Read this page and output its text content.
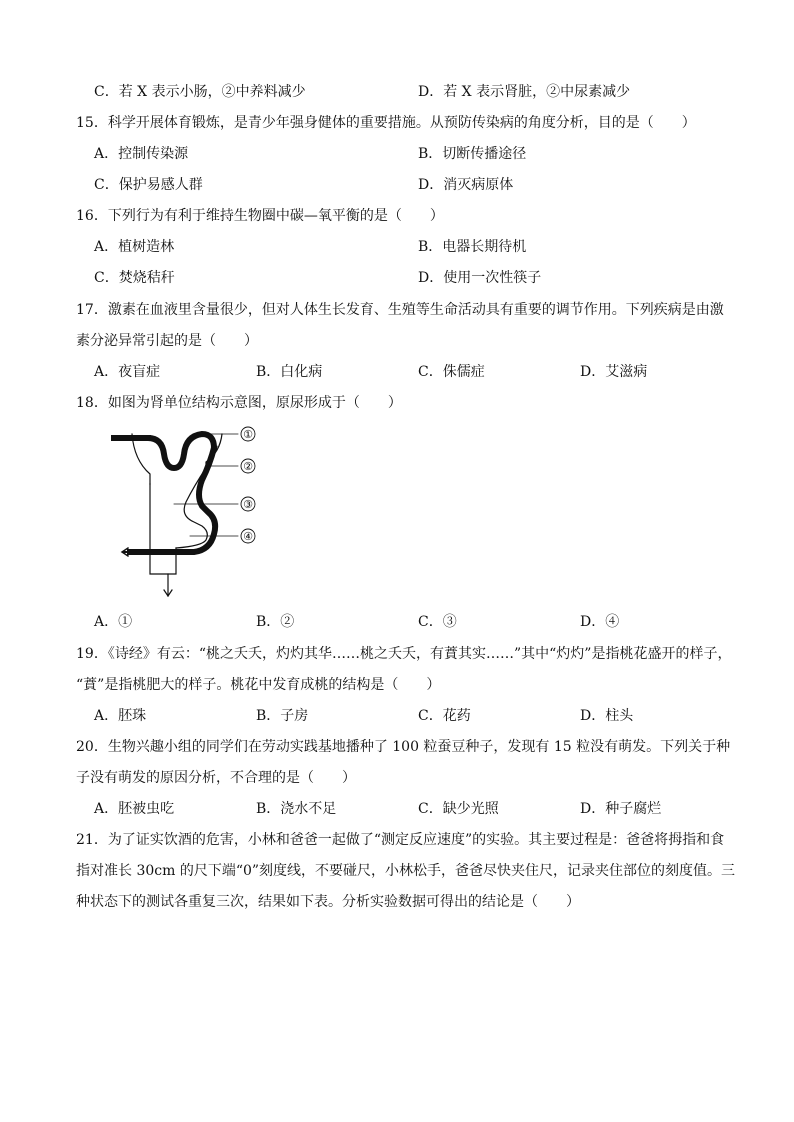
C．若 X 表示小肠，②中养料减少	D．若 X 表示肾脏，②中尿素减少
15．科学开展体育锻炼，是青少年强身健体的重要措施。从预防传染病的角度分析，目的是（　　）
A．控制传染源	B．切断传播途径
C．保护易感人群	D．消灭病原体
16．下列行为有利于维持生物圈中碳—氧平衡的是（　　）
A．植树造林	B．电器长期待机
C．焚烧秸秆	D．使用一次性筷子
17．激素在血液里含量很少，但对人体生长发育、生殖等生命活动具有重要的调节作用。下列疾病是由激
素分泌异常引起的是（　　）
A．夜盲症	B．白化病	C．侏儒症	D．艾滋病
18．如图为肾单位结构示意图，原尿形成于（　　）
①
②
③
④
A．①	B．②	C．③	D．④
19．《诗经》有云：“桃之夭夭，灼灼其华……桃之夭夭，有蕡其实……”其中“灼灼”是指桃花盛开的样子，
“蕡”是指桃肥大的样子。桃花中发育成桃的结构是（　　）
A．胚珠	B．子房	C．花药	D．柱头
20．生物兴趣小组的同学们在劳动实践基地播种了 100 粒蚕豆种子，发现有 15 粒没有萌发。下列关于种
子没有萌发的原因分析，不合理的是（　　）
A．胚被虫吃	B．浇水不足	C．缺少光照	D．种子腐烂
21．为了证实饮酒的危害，小林和爸爸一起做了“测定反应速度”的实验。其主要过程是：爸爸将拇指和食
指对准长 30cm 的尺下端“0”刻度线，不要碰尺，小林松手，爸爸尽快夹住尺，记录夹住部位的刻度值。三
种状态下的测试各重复三次，结果如下表。分析实验数据可得出的结论是（　　）
